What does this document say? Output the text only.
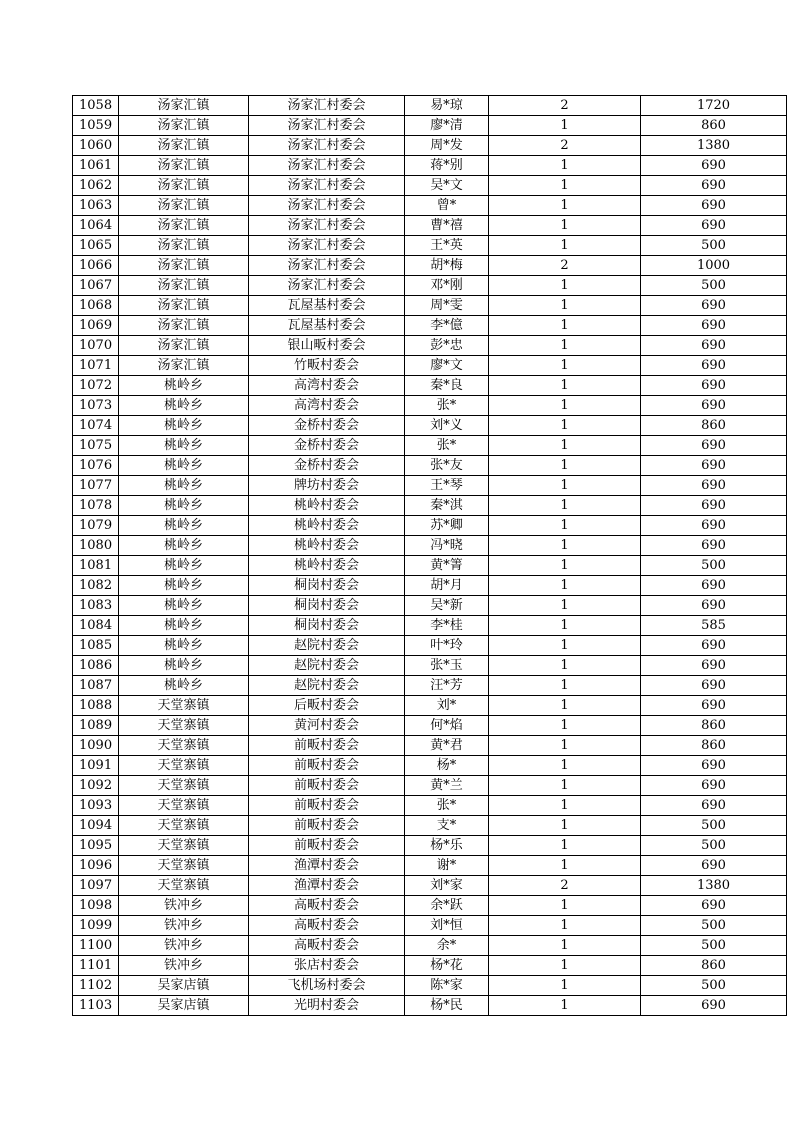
1058	汤家汇镇	汤家汇村委会	易*琼	2	1720
1059	汤家汇镇	汤家汇村委会	廖*清	1	860
1060	汤家汇镇	汤家汇村委会	周*发	2	1380
1061	汤家汇镇	汤家汇村委会	蒋*别	1	690
1062	汤家汇镇	汤家汇村委会	吴*文	1	690
1063	汤家汇镇	汤家汇村委会	曾*	1	690
1064	汤家汇镇	汤家汇村委会	曹*禧	1	690
1065	汤家汇镇	汤家汇村委会	王*英	1	500
1066	汤家汇镇	汤家汇村委会	胡*梅	2	1000
1067	汤家汇镇	汤家汇村委会	邓*刚	1	500
1068	汤家汇镇	瓦屋基村委会	周*雯	1	690
1069	汤家汇镇	瓦屋基村委会	李*億	1	690
1070	汤家汇镇	银山畈村委会	彭*忠	1	690
1071	汤家汇镇	竹畈村委会	廖*文	1	690
1072	桃岭乡	高湾村委会	秦*良	1	690
1073	桃岭乡	高湾村委会	张*	1	690
1074	桃岭乡	金桥村委会	刘*义	1	860
1075	桃岭乡	金桥村委会	张*	1	690
1076	桃岭乡	金桥村委会	张*友	1	690
1077	桃岭乡	牌坊村委会	王*琴	1	690
1078	桃岭乡	桃岭村委会	秦*淇	1	690
1079	桃岭乡	桃岭村委会	苏*卿	1	690
1080	桃岭乡	桃岭村委会	冯*晓	1	690
1081	桃岭乡	桃岭村委会	黄*箐	1	500
1082	桃岭乡	桐岗村委会	胡*月	1	690
1083	桃岭乡	桐岗村委会	吴*新	1	690
1084	桃岭乡	桐岗村委会	李*桂	1	585
1085	桃岭乡	赵院村委会	叶*玲	1	690
1086	桃岭乡	赵院村委会	张*玉	1	690
1087	桃岭乡	赵院村委会	汪*芳	1	690
1088	天堂寨镇	后畈村委会	刘*	1	690
1089	天堂寨镇	黄河村委会	何*焰	1	860
1090	天堂寨镇	前畈村委会	黄*君	1	860
1091	天堂寨镇	前畈村委会	杨*	1	690
1092	天堂寨镇	前畈村委会	黄*兰	1	690
1093	天堂寨镇	前畈村委会	张*	1	690
1094	天堂寨镇	前畈村委会	支*	1	500
1095	天堂寨镇	前畈村委会	杨*乐	1	500
1096	天堂寨镇	渔潭村委会	谢*	1	690
1097	天堂寨镇	渔潭村委会	刘*家	2	1380
1098	铁冲乡	高畈村委会	余*跃	1	690
1099	铁冲乡	高畈村委会	刘*恒	1	500
1100	铁冲乡	高畈村委会	余*	1	500
1101	铁冲乡	张店村委会	杨*花	1	860
1102	吴家店镇	飞机场村委会	陈*家	1	500
1103	吴家店镇	光明村委会	杨*民	1	690
